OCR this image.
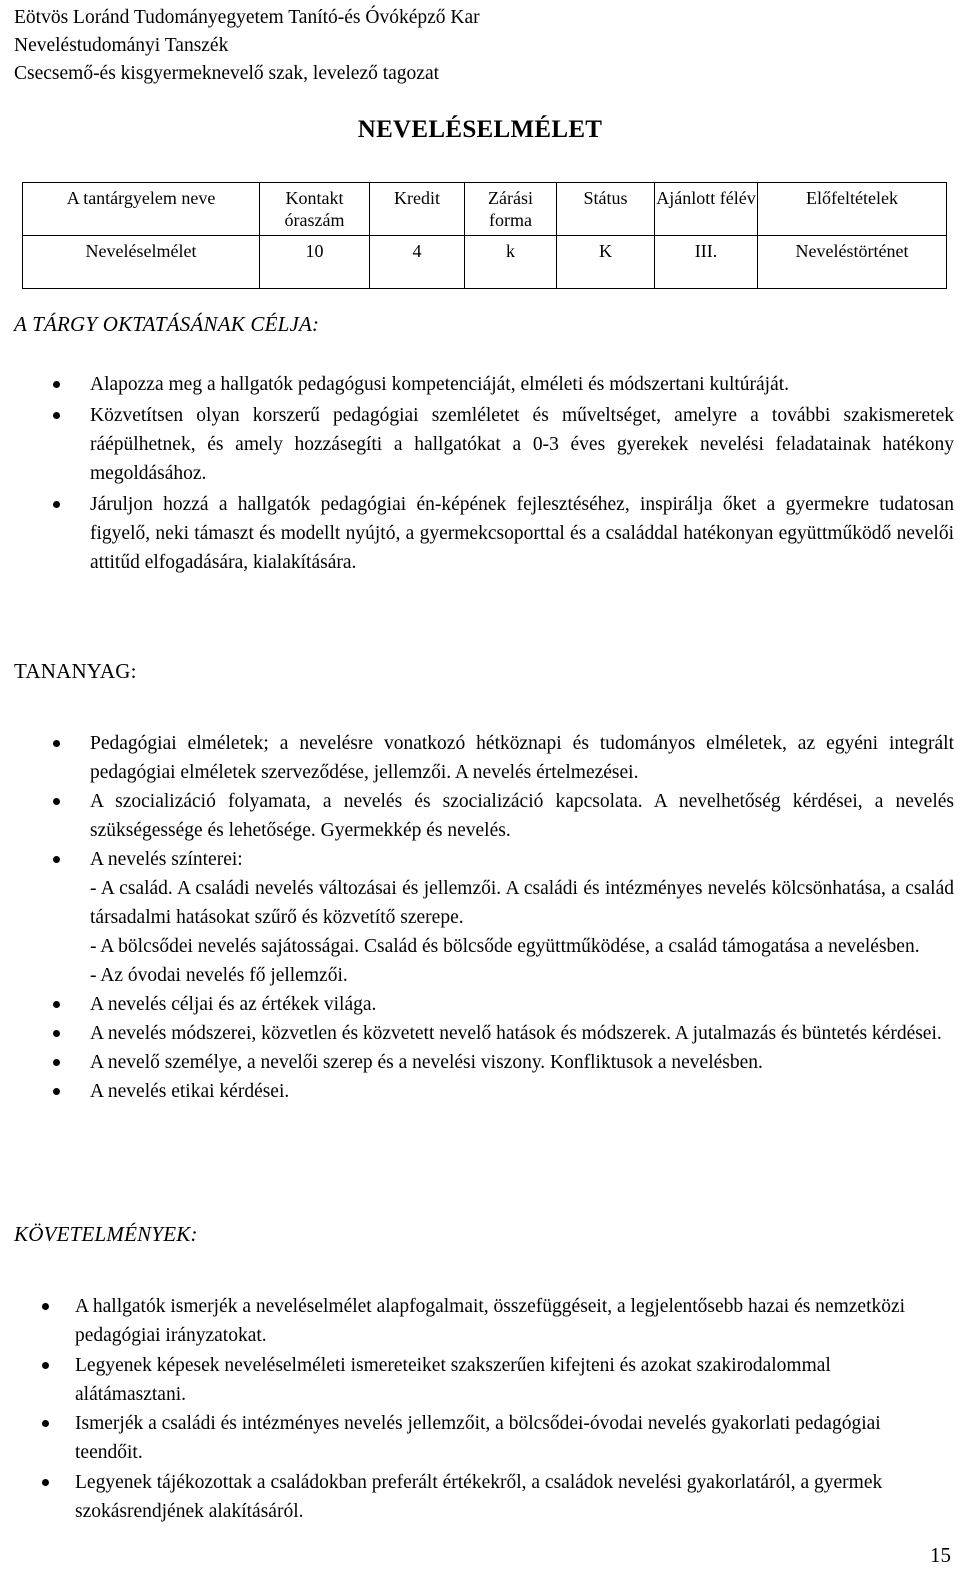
Eötvös Loránd Tudományegyetem Tanító-és Óvóképző Kar
Neveléstudományi Tanszék
Csecsemő-és kisgyermeknevelő szak, levelező tagozat
NEVELÉSELMÉLET
A tantárgyelem neve	Kontakt óraszám	Kredit	Zárási forma	Státus	Ajánlott félév	Előfeltételek
Neveléselmélet	10	4	k	K	III.	Neveléstörténet
A TÁRGY OKTATÁSÁNAK CÉLJA:
Alapozza meg a hallgatók pedagógusi kompetenciáját, elméleti és módszertani kultúráját.
Közvetítsen olyan korszerű pedagógiai szemléletet és műveltséget, amelyre a további szakismeretek ráépülhetnek, és amely hozzásegíti a hallgatókat a 0-3 éves gyerekek nevelési feladatainak hatékony megoldásához.
Járuljon hozzá a hallgatók pedagógiai én-képének fejlesztéséhez, inspirálja őket a gyermekre tudatosan figyelő, neki támaszt és modellt nyújtó, a gyermekcsoporttal és a családdal hatékonyan együttműködő nevelői attitűd elfogadására, kialakítására.
TANANYAG:
Pedagógiai elméletek; a nevelésre vonatkozó hétköznapi és tudományos elméletek, az egyéni integrált pedagógiai elméletek szerveződése, jellemzői. A nevelés értelmezései.
A szocializáció folyamata, a nevelés és szocializáció kapcsolata. A nevelhetőség kérdései, a nevelés szükségessége és lehetősége. Gyermekkép és nevelés.
A nevelés színterei:
- A család. A családi nevelés változásai és jellemzői. A családi és intézményes nevelés kölcsönhatása, a család társadalmi hatásokat szűrő és közvetítő szerepe.
- A bölcsődei nevelés sajátosságai. Család és bölcsőde együttműködése, a család támogatása a nevelésben.
- Az óvodai nevelés fő jellemzői.
A nevelés céljai és az értékek világa.
A nevelés módszerei, közvetlen és közvetett nevelő hatások és módszerek. A jutalmazás és büntetés kérdései.
A nevelő személye, a nevelői szerep és a nevelési viszony. Konfliktusok a nevelésben.
A nevelés etikai kérdései.
KÖVETELMÉNYEK:
A hallgatók ismerjék a neveléselmélet alapfogalmait, összefüggéseit, a legjelentősebb hazai és nemzetközi pedagógiai irányzatokat.
Legyenek képesek neveléselméleti ismereteiket szakszerűen kifejteni és azokat szakirodalommal alátámasztani.
Ismerjék a családi és intézményes nevelés jellemzőit, a bölcsődei-óvodai nevelés gyakorlati pedagógiai teendőit.
Legyenek tájékozottak a családokban preferált értékekről, a családok nevelési gyakorlatáról, a gyermek szokásrendjének alakításáról.
15
